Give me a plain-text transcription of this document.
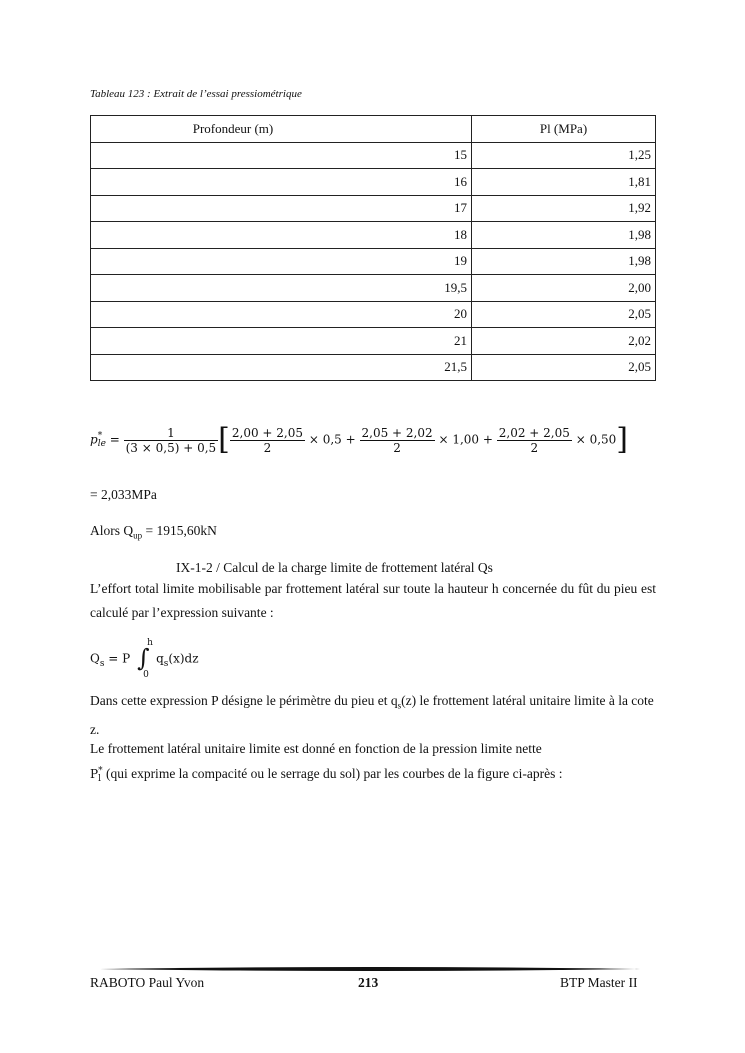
Tableau 123 : Extrait de l’essai pressiométrique
Profondeur (m)	Pl (MPa)
15	1,25
16	1,81
17	1,92
18	1,98
19	1,98
19,5	2,00
20	2,05
21	2,02
21,5	2,05
p *
le = $\frac{1}{(3 \times 0,5) + 0,5}$ [ $\frac{2,00 + 2,05}{2} \times 0,5 + \frac{2,05 + 2,02}{2} \times 1,00 + \frac{2,02 + 2,05}{2} \times 0,50$]
= 2,033MPa
Alors $Q_{up} = 1915,60kN$
IX-1-2 / Calcul de la charge limite de frottement latéral Qs
L’effort total limite mobilisable par frottement latéral sur toute la hauteur h concernée du fût du pieu est calculé par l’expression suivante :
$Q_s = P$ ∫
h
0
$q_s(x)dz$
Dans cette expression P désigne le périmètre du pieu et $q_s(z)$ le frottement latéral unitaire limite à la cote z.
Le frottement latéral unitaire limite est donné en fonction de la pression limite nette
P *
l (qui exprime la compacité ou le serrage du sol) par les courbes de la figure ci-après :
RABOTO Paul Yvon	213	BTP Master II
